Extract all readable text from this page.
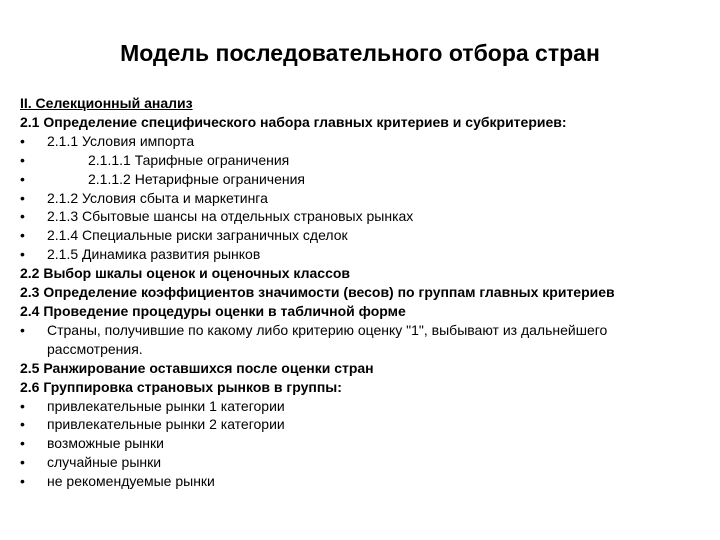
Модель последовательного отбора стран
II. Селекционный анализ
2.1 Определение специфического набора главных критериев и субкритериев:
• 2.1.1 Условия импорта
•	2.1.1.1 Тарифные ограничения
•	2.1.1.2 Нетарифные ограничения
• 2.1.2 Условия сбыта и маркетинга
• 2.1.3 Сбытовые шансы на отдельных страновых рынках
• 2.1.4 Специальные риски заграничных сделок
• 2.1.5 Динамика развития рынков
2.2 Выбор шкалы оценок и оценочных классов
2.3 Определение коэффициентов значимости (весов) по группам главных критериев
2.4 Проведение процедуры оценки в табличной форме
• Страны, получившие по какому либо критерию оценку "1", выбывают из дальнейшего рассмотрения.
2.5 Ранжирование оставшихся после оценки стран
2.6 Группировка страновых рынков в группы:
• привлекательные рынки 1 категории
• привлекательные рынки 2 категории
• возможные рынки
• случайные рынки
• не рекомендуемые рынки
